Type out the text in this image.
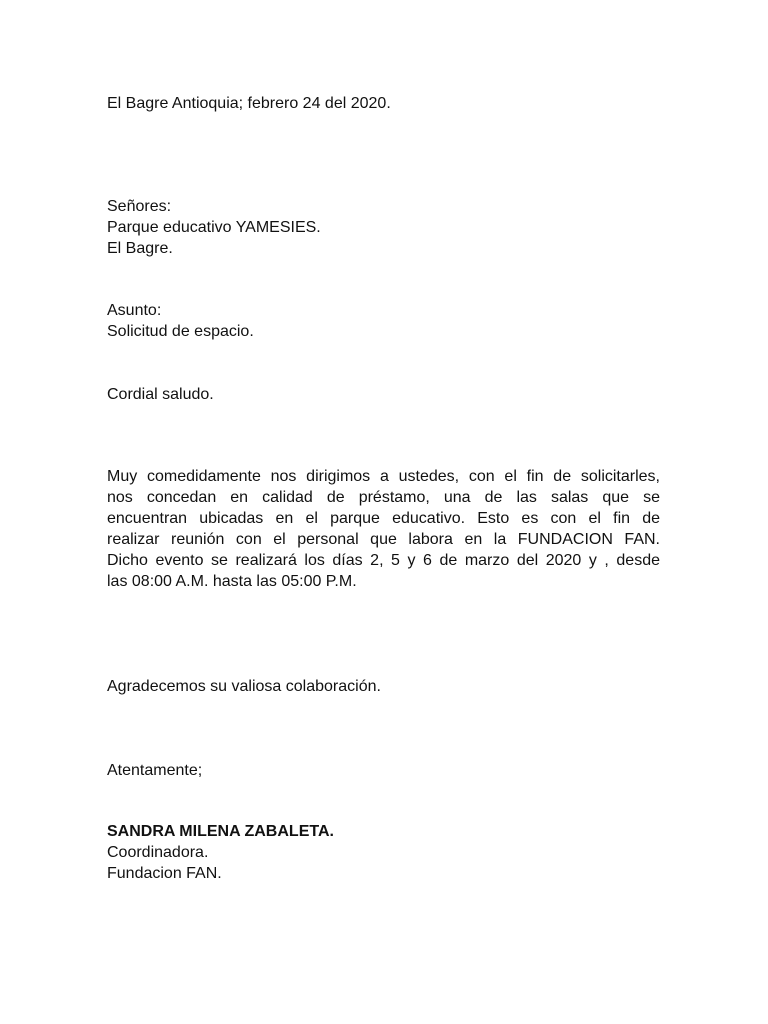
El Bagre Antioquia; febrero 24 del 2020.
Señores:
Parque educativo YAMESIES.
El Bagre.
Asunto:
Solicitud de espacio.
Cordial saludo.
Muy comedidamente nos dirigimos a ustedes, con el fin de solicitarles,
nos concedan en calidad de préstamo, una de las salas que se
encuentran ubicadas en el parque educativo. Esto es con el fin de
realizar reunión con el personal que labora en la FUNDACION FAN.
Dicho evento se realizará los días 2, 5 y 6 de marzo del 2020 y , desde
las 08:00 A.M. hasta las 05:00 P.M.
Agradecemos su valiosa colaboración.
Atentamente;
SANDRA MILENA ZABALETA.
Coordinadora.
Fundacion FAN.
